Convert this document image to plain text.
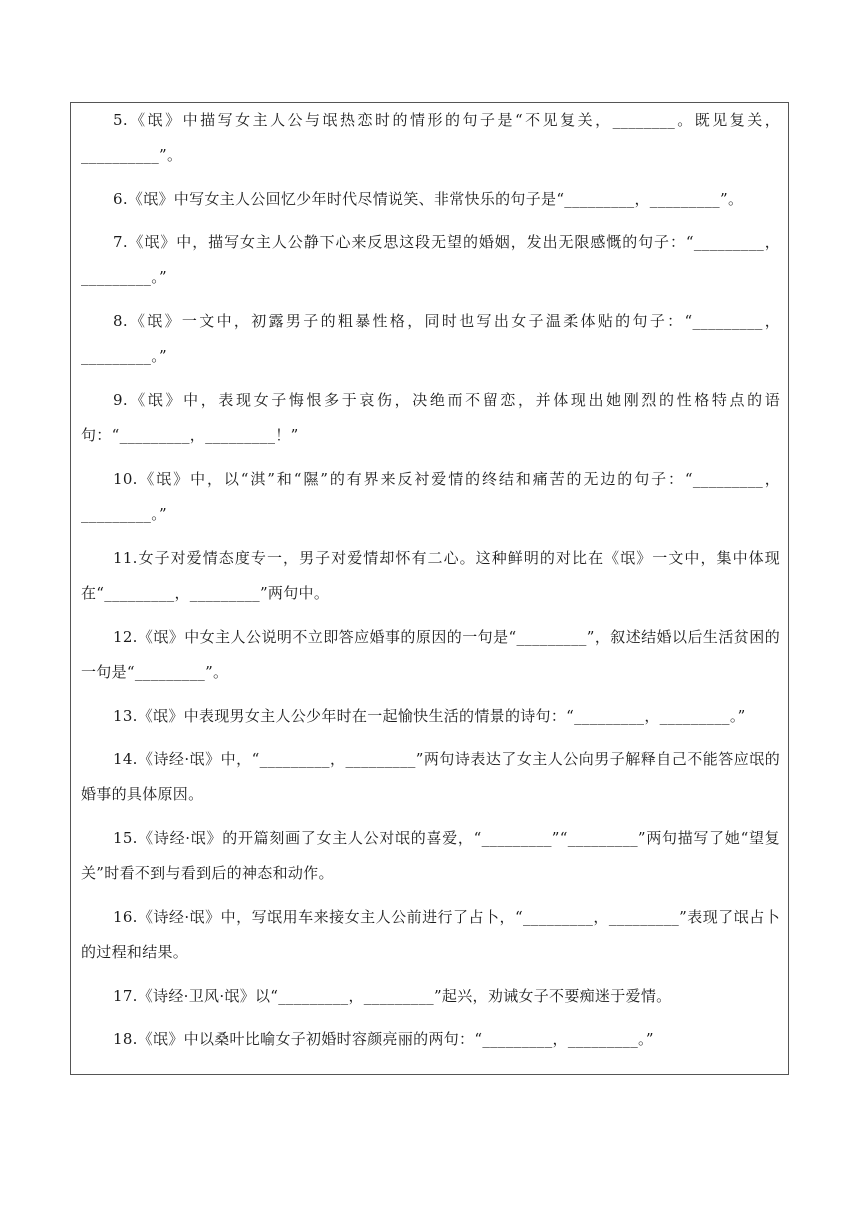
5.《氓》中描写女主人公与氓热恋时的情形的句子是“不见复关，________。既见复关，__________”。
6.《氓》中写女主人公回忆少年时代尽情说笑、非常快乐的句子是“_________，_________”。
7.《氓》中，描写女主人公静下心来反思这段无望的婚姻，发出无限感慨的句子：“_________，_________。”
8.《氓》一文中，初露男子的粗暴性格，同时也写出女子温柔体贴的句子：“_________，_________。”
9.《氓》中，表现女子悔恨多于哀伤，决绝而不留恋，并体现出她刚烈的性格特点的语句：“_________，_________！”
10.《氓》中，以“淇”和“隰”的有界来反衬爱情的终结和痛苦的无边的句子：“_________，_________。”
11.女子对爱情态度专一，男子对爱情却怀有二心。这种鲜明的对比在《氓》一文中，集中体现在“_________，_________”两句中。
12.《氓》中女主人公说明不立即答应婚事的原因的一句是“_________”，叙述结婚以后生活贫困的一句是“_________”。
13.《氓》中表现男女主人公少年时在一起愉快生活的情景的诗句：“_________，_________。”
14.《诗经·氓》中，“_________，_________”两句诗表达了女主人公向男子解释自己不能答应氓的婚事的具体原因。
15.《诗经·氓》的开篇刻画了女主人公对氓的喜爱，“_________”“_________”两句描写了她“望复关”时看不到与看到后的神态和动作。
16.《诗经·氓》中，写氓用车来接女主人公前进行了占卜，“_________，_________”表现了氓占卜的过程和结果。
17.《诗经·卫风·氓》以“_________，_________”起兴，劝诫女子不要痴迷于爱情。
18.《氓》中以桑叶比喻女子初婚时容颜亮丽的两句：“_________，_________。”
